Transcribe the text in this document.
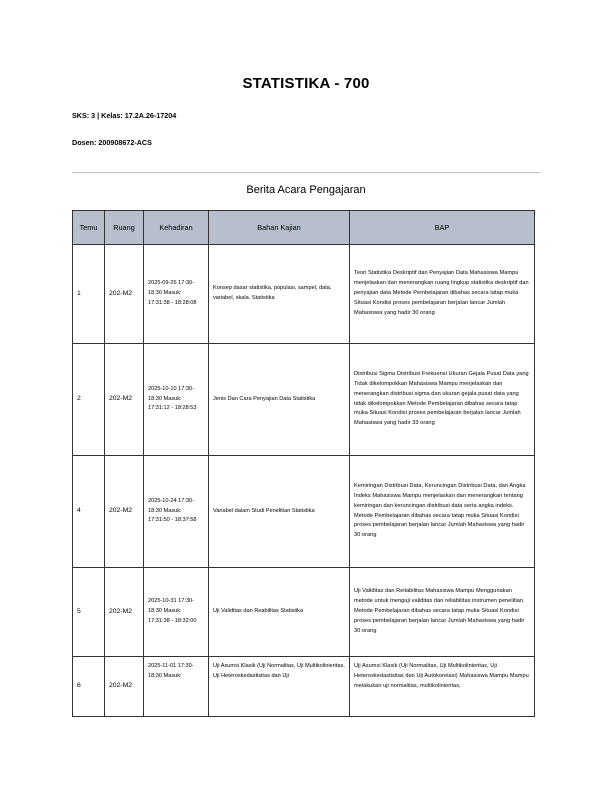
STATISTIKA - 700
SKS: 3 | Kelas: 17.2A.26-17204
Dosen: 200908672-ACS
Berita Acara Pengajaran
Temu	Ruang	Kehadiran	Bahan Kajian	BAP
1	202-M2	2025-09-26 17:30-18:30 Masuk: 17:31:38 - 18:28:08	Konsep dasar statistika, populasi, sampel, data, variabel, skala. Statistika	Teori Statistika Deskriptif dan Penyajian Data Mahasiswa Mampu menjelaskan dan menerangkan ruang lingkup statistika deskriptif dan penyajian data Metode Pembelajaran dibahas secara tatap muka Situasi Kondisi proses pembelajaran berjalan lancar Jumlah Mahasiswa yang hadir 30 orang
2	202-M2	2025-10-10 17:30-18:30 Masuk: 17:31:12 - 18:28:53	Jenis Dan Cara Penyajian Data Statistika	Distribusi Sigma Distribusi Frekuensi Ukuran Gejala Pusat Data yang Tidak dikelompokkan Mahasiswa Mampu menjelaskan dan menerangkan distribusi sigma dan ukuran gejala pusat data yang tidak dikelompokkan Metode Pembelajaran dibahas secara tatap muka Situasi Kondisi proses pembelajaran berjalan lancar Jumlah Mahasiswa yang hadir 33 orang
4	202-M2	2025-10-24 17:30-18:30 Masuk: 17:31:50 - 18:37:58	Variabel dalam Studi Penelitian Statistika	Kemiringan Distribusi Data, Keruncingan Distribusi Data, dan Angka Indeks Mahasiswa Mampu menjelaskan dan menerangkan tentang kemiringan dan keruncingan distribusi data serta angka indeks. Metode Pembelajaran dibahas secara tatap muka Situasi Kondisi proses pembelajaran berjalan lancar Jumlah Mahasiswa yang hadir 30 orang
5	202-M2	2025-10-31 17:30-18:30 Masuk: 17:31:38 - 18:32:00	Uji Validitas dan Reabilitas Statistika	Uji Validitas dan Reliabilitas Mahasiswa Mampu Menggunakan metode untuk menguji validitas dan reliabilitas instrumen penelitian. Metode Pembelajaran dibahas secara tatap muka Situasi Kondisi proses pembelajaran berjalan lancar Jumlah Mahasiswa yang hadir 30 orang
6	202-M2	2025-11-01 17:30-18:30 Masuk:	Uji Asumsi Klasik (Uji Normalitas, Uji Multikolinieritas, Uji Heteroskedastisitas dan Uji	Uji Asumsi Klasik (Uji Normalitas, Uji Multikolinieritas, Uji Heteroskedastisitas dan Uji Autokorelasi) Mahasiswa Mampu Mampu melakukan uji normalitas, multikolinieritas,
